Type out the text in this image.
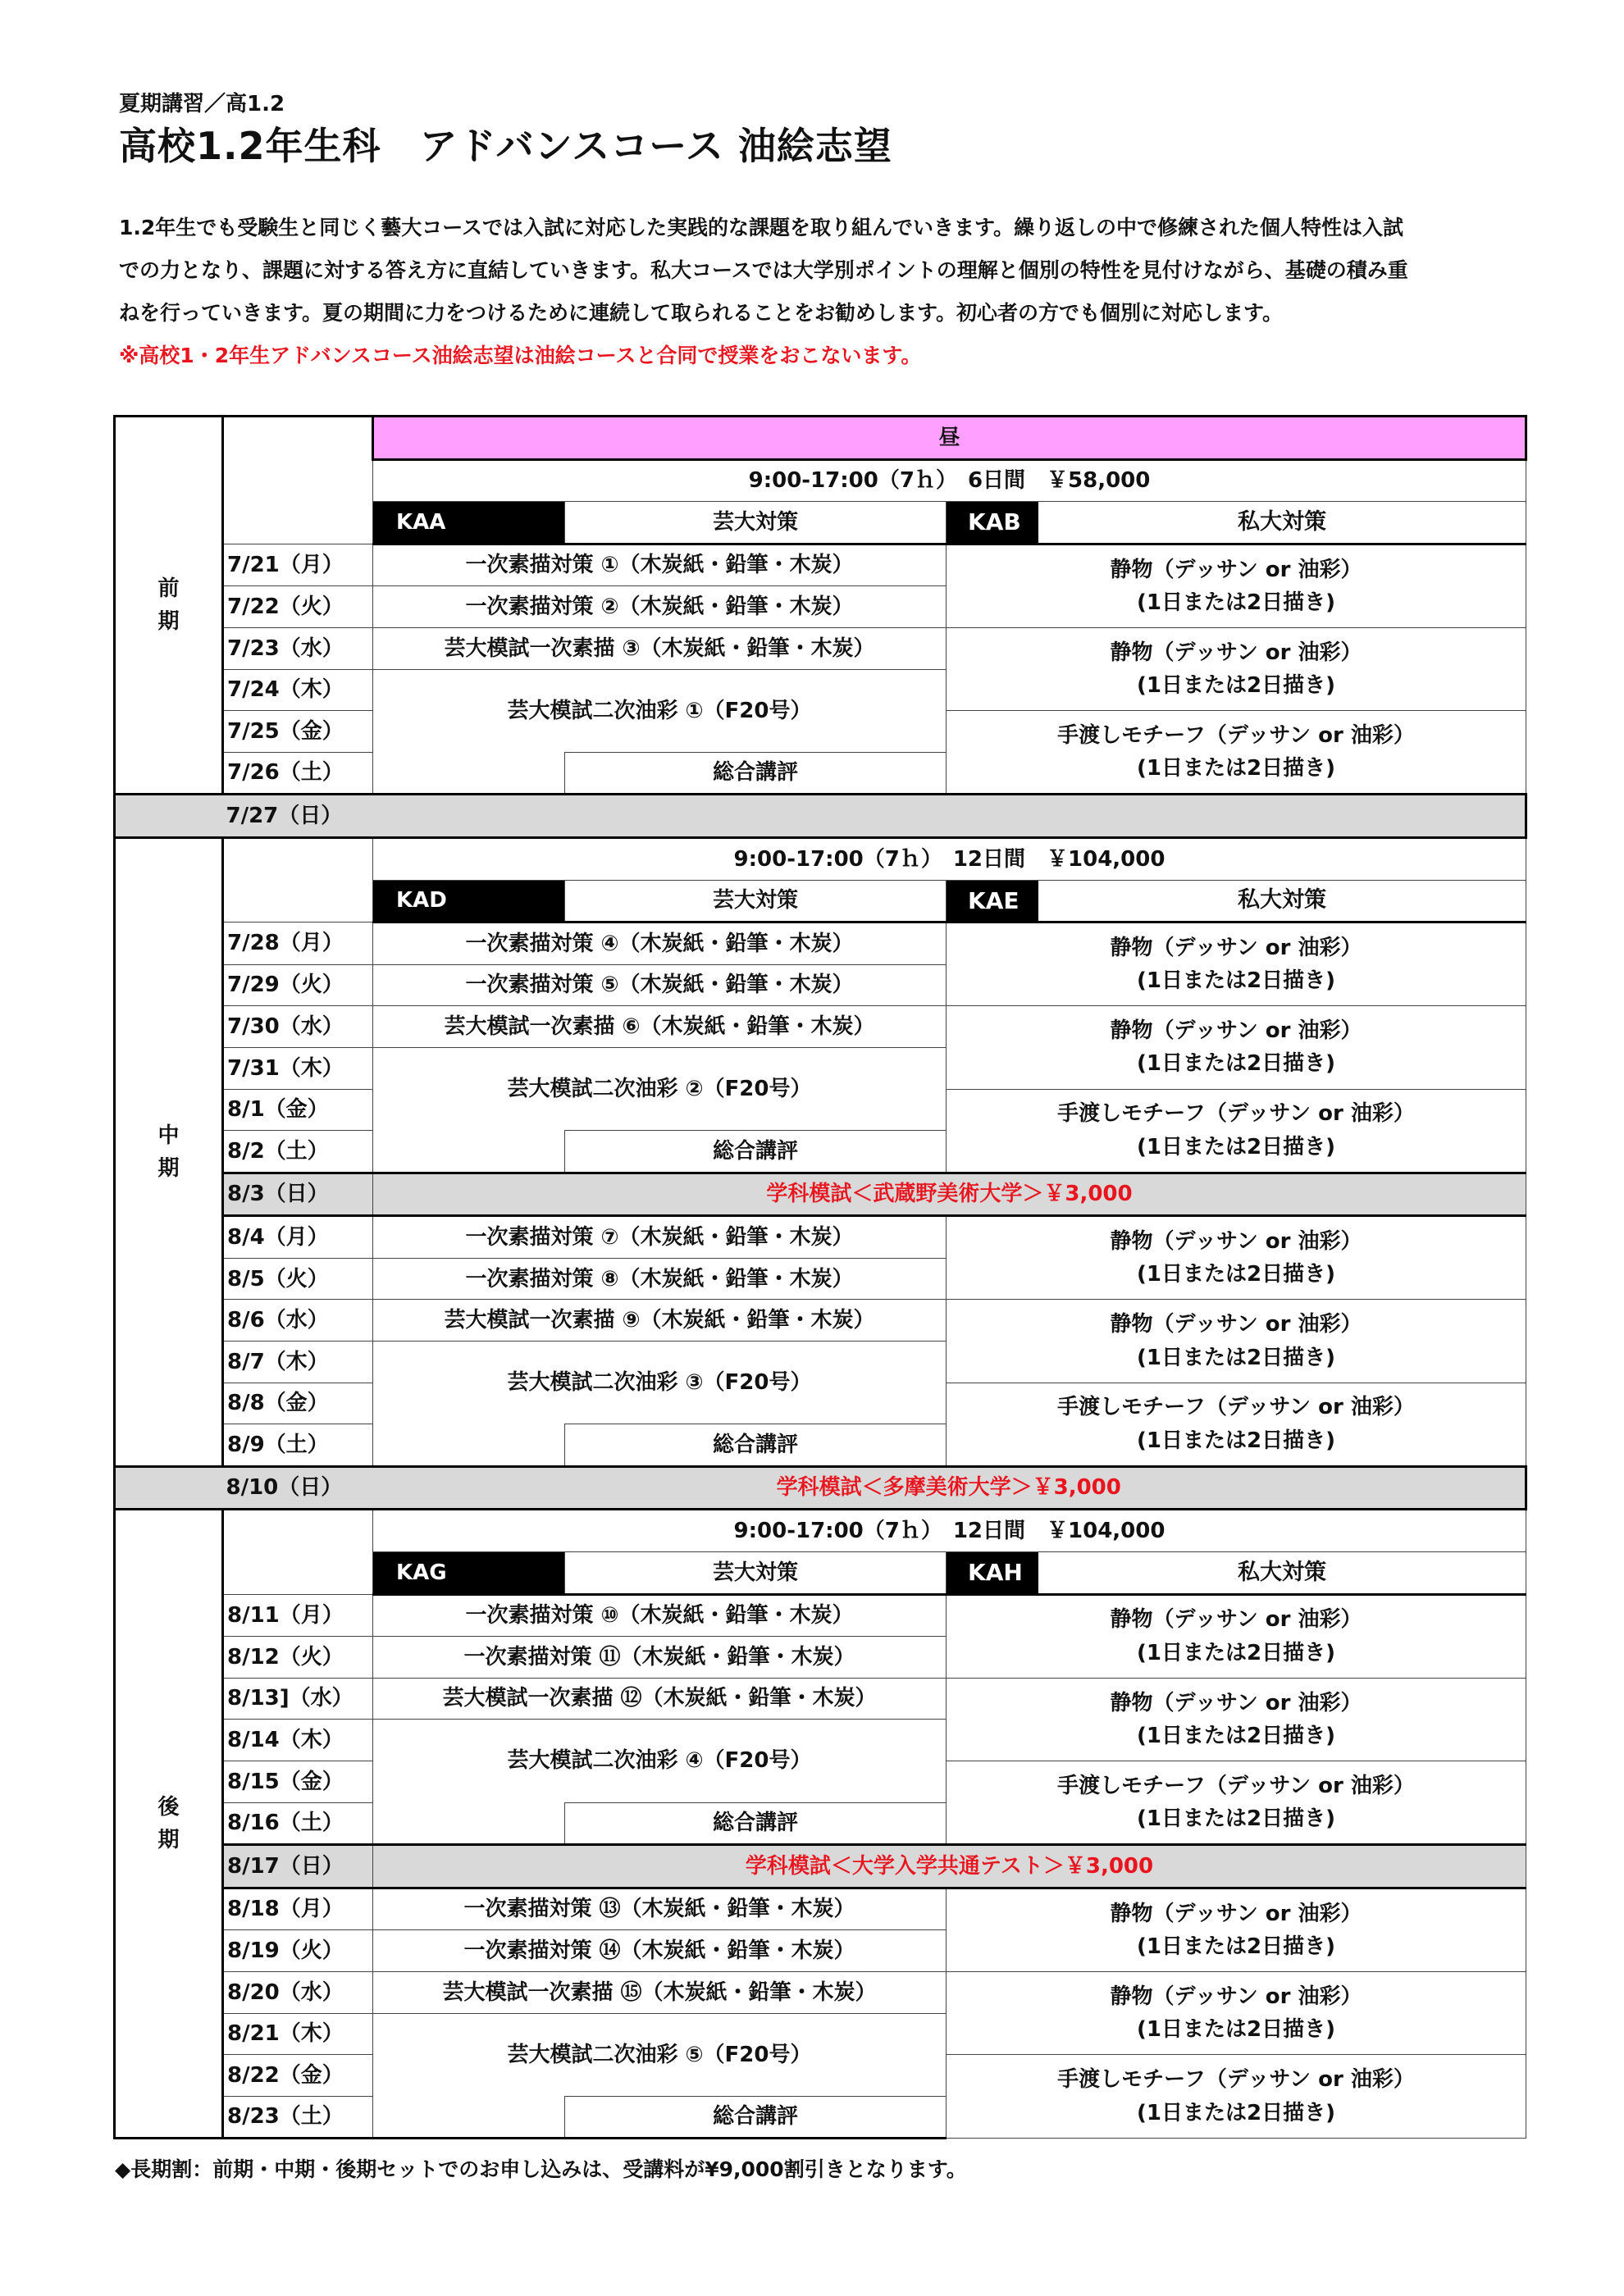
夏期講習／高1.2
高校1.2年生科　アドバンスコース 油絵志望
1.2年生でも受験生と同じく藝大コースでは入試に対応した実践的な課題を取り組んでいきます。繰り返しの中で修練された個人特性は入試
での力となり、課題に対する答え方に直結していきます。私大コースでは大学別ポイントの理解と個別の特性を見付けながら、基礎の積み重
ねを行っていきます。夏の期間に力をつけるために連続して取られることをお勧めします。初心者の方でも個別に対応します。
※高校1・2年生アドバンスコース油絵志望は油絵コースと合同で授業をおこないます。
前期		昼		
		9:00-17:00（7ｈ）　6日間　￥58,000		
		KAA	芸大対策	KAB 私大対策

	7/21（月）	一次素描対策 ①（木炭紙・鉛筆・木炭）		静物（デッサン or 油彩）
(1日または2日描き)

	7/22（火）	一次素描対策 ②（木炭紙・鉛筆・木炭）		
	7/23（水）	芸大模試一次素描 ③（木炭紙・鉛筆・木炭）		静物（デッサン or 油彩）
(1日または2日描き)

	7/24（木）	芸大模試二次油彩 ①（F20号）		
	7/25（金）			手渡しモチーフ（デッサン or 油彩）
(1日または2日描き)

	7/26（土）		総合講評	
	7/27（日）			
中期		9:00-17:00（7ｈ）　12日間　￥104,000		
		KAD	芸大対策	KAE 私大対策

	7/28（月）	一次素描対策 ④（木炭紙・鉛筆・木炭）		静物（デッサン or 油彩）
(1日または2日描き)

	7/29（火）	一次素描対策 ⑤（木炭紙・鉛筆・木炭）		
	7/30（水）	芸大模試一次素描 ⑥（木炭紙・鉛筆・木炭）		静物（デッサン or 油彩）
(1日または2日描き)

	7/31（木）	芸大模試二次油彩 ②（F20号）		
	8/1（金）			手渡しモチーフ（デッサン or 油彩）
(1日または2日描き)

	8/2（土）		総合講評	
	8/3（日）	学科模試＜武蔵野美術大学＞￥3,000		
	8/4（月）	一次素描対策 ⑦（木炭紙・鉛筆・木炭）		静物（デッサン or 油彩）
(1日または2日描き)

	8/5（火）	一次素描対策 ⑧（木炭紙・鉛筆・木炭）		
	8/6（水）	芸大模試一次素描 ⑨（木炭紙・鉛筆・木炭）		静物（デッサン or 油彩）
(1日または2日描き)

	8/7（木）	芸大模試二次油彩 ③（F20号）		
	8/8（金）			手渡しモチーフ（デッサン or 油彩）
(1日または2日描き)

	8/9（土）		総合講評	
	8/10（日）	学科模試＜多摩美術大学＞￥3,000		
後期		9:00-17:00（7ｈ）　12日間　￥104,000		
		KAG	芸大対策	KAH 私大対策

	8/11（月）	一次素描対策 ⑩（木炭紙・鉛筆・木炭）		静物（デッサン or 油彩）
(1日または2日描き)

	8/12（火）	一次素描対策 ⑪（木炭紙・鉛筆・木炭）		
	8/13]（水）	芸大模試一次素描 ⑫（木炭紙・鉛筆・木炭）		静物（デッサン or 油彩）
(1日または2日描き)

	8/14（木）	芸大模試二次油彩 ④（F20号）		
	8/15（金）			手渡しモチーフ（デッサン or 油彩）
(1日または2日描き)

	8/16（土）		総合講評	
	8/17（日）	学科模試＜大学入学共通テスト＞￥3,000		
	8/18（月）	一次素描対策 ⑬（木炭紙・鉛筆・木炭）		静物（デッサン or 油彩）
(1日または2日描き)

	8/19（火）	一次素描対策 ⑭（木炭紙・鉛筆・木炭）		
	8/20（水）	芸大模試一次素描 ⑮（木炭紙・鉛筆・木炭）		静物（デッサン or 油彩）
(1日または2日描き)

	8/21（木）	芸大模試二次油彩 ⑤（F20号）		
	8/22（金）			手渡しモチーフ（デッサン or 油彩）
(1日または2日描き)

	8/23（土）		総合講評	
◆長期割：前期・中期・後期セットでのお申し込みは、受講料が¥9,000割引きとなります。
